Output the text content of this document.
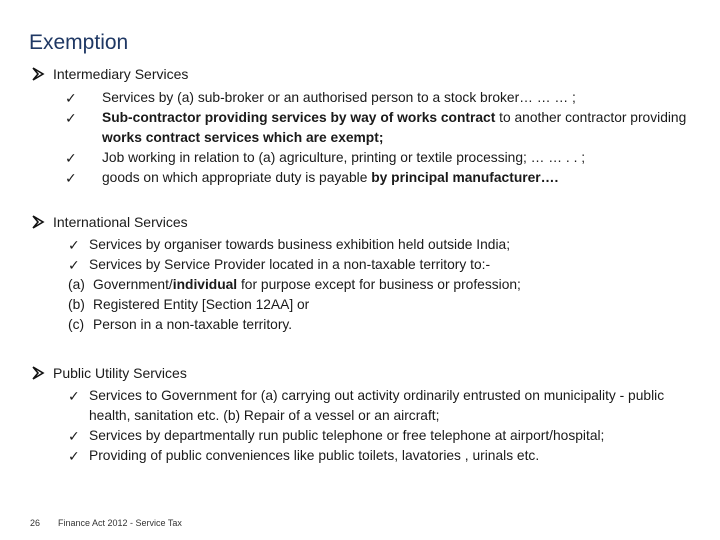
Exemption
Intermediary Services
✓ Services by (a) sub-broker or an authorised person to a stock broker… … … ;
✓ Sub-contractor providing services by way of works contract to another contractor providing works contract services which are exempt;
✓ Job working in relation to (a) agriculture, printing or textile processing; … … . . ;
✓ goods on which appropriate duty is payable by principal manufacturer….
International Services
✓ Services by organiser towards business exhibition held outside India;
✓ Services by Service Provider located in a non-taxable territory to:-
(a) Government/individual for purpose except for business or profession;
(b) Registered Entity [Section 12AA] or
(c) Person in a non-taxable territory.
Public Utility Services
✓ Services to Government for (a) carrying out activity ordinarily entrusted on municipality - public health, sanitation etc. (b) Repair of a vessel or an aircraft;
✓ Services by departmentally run public telephone or free telephone at airport/hospital;
✓ Providing of public conveniences like public toilets, lavatories , urinals etc.
26 Finance Act 2012 - Service Tax
